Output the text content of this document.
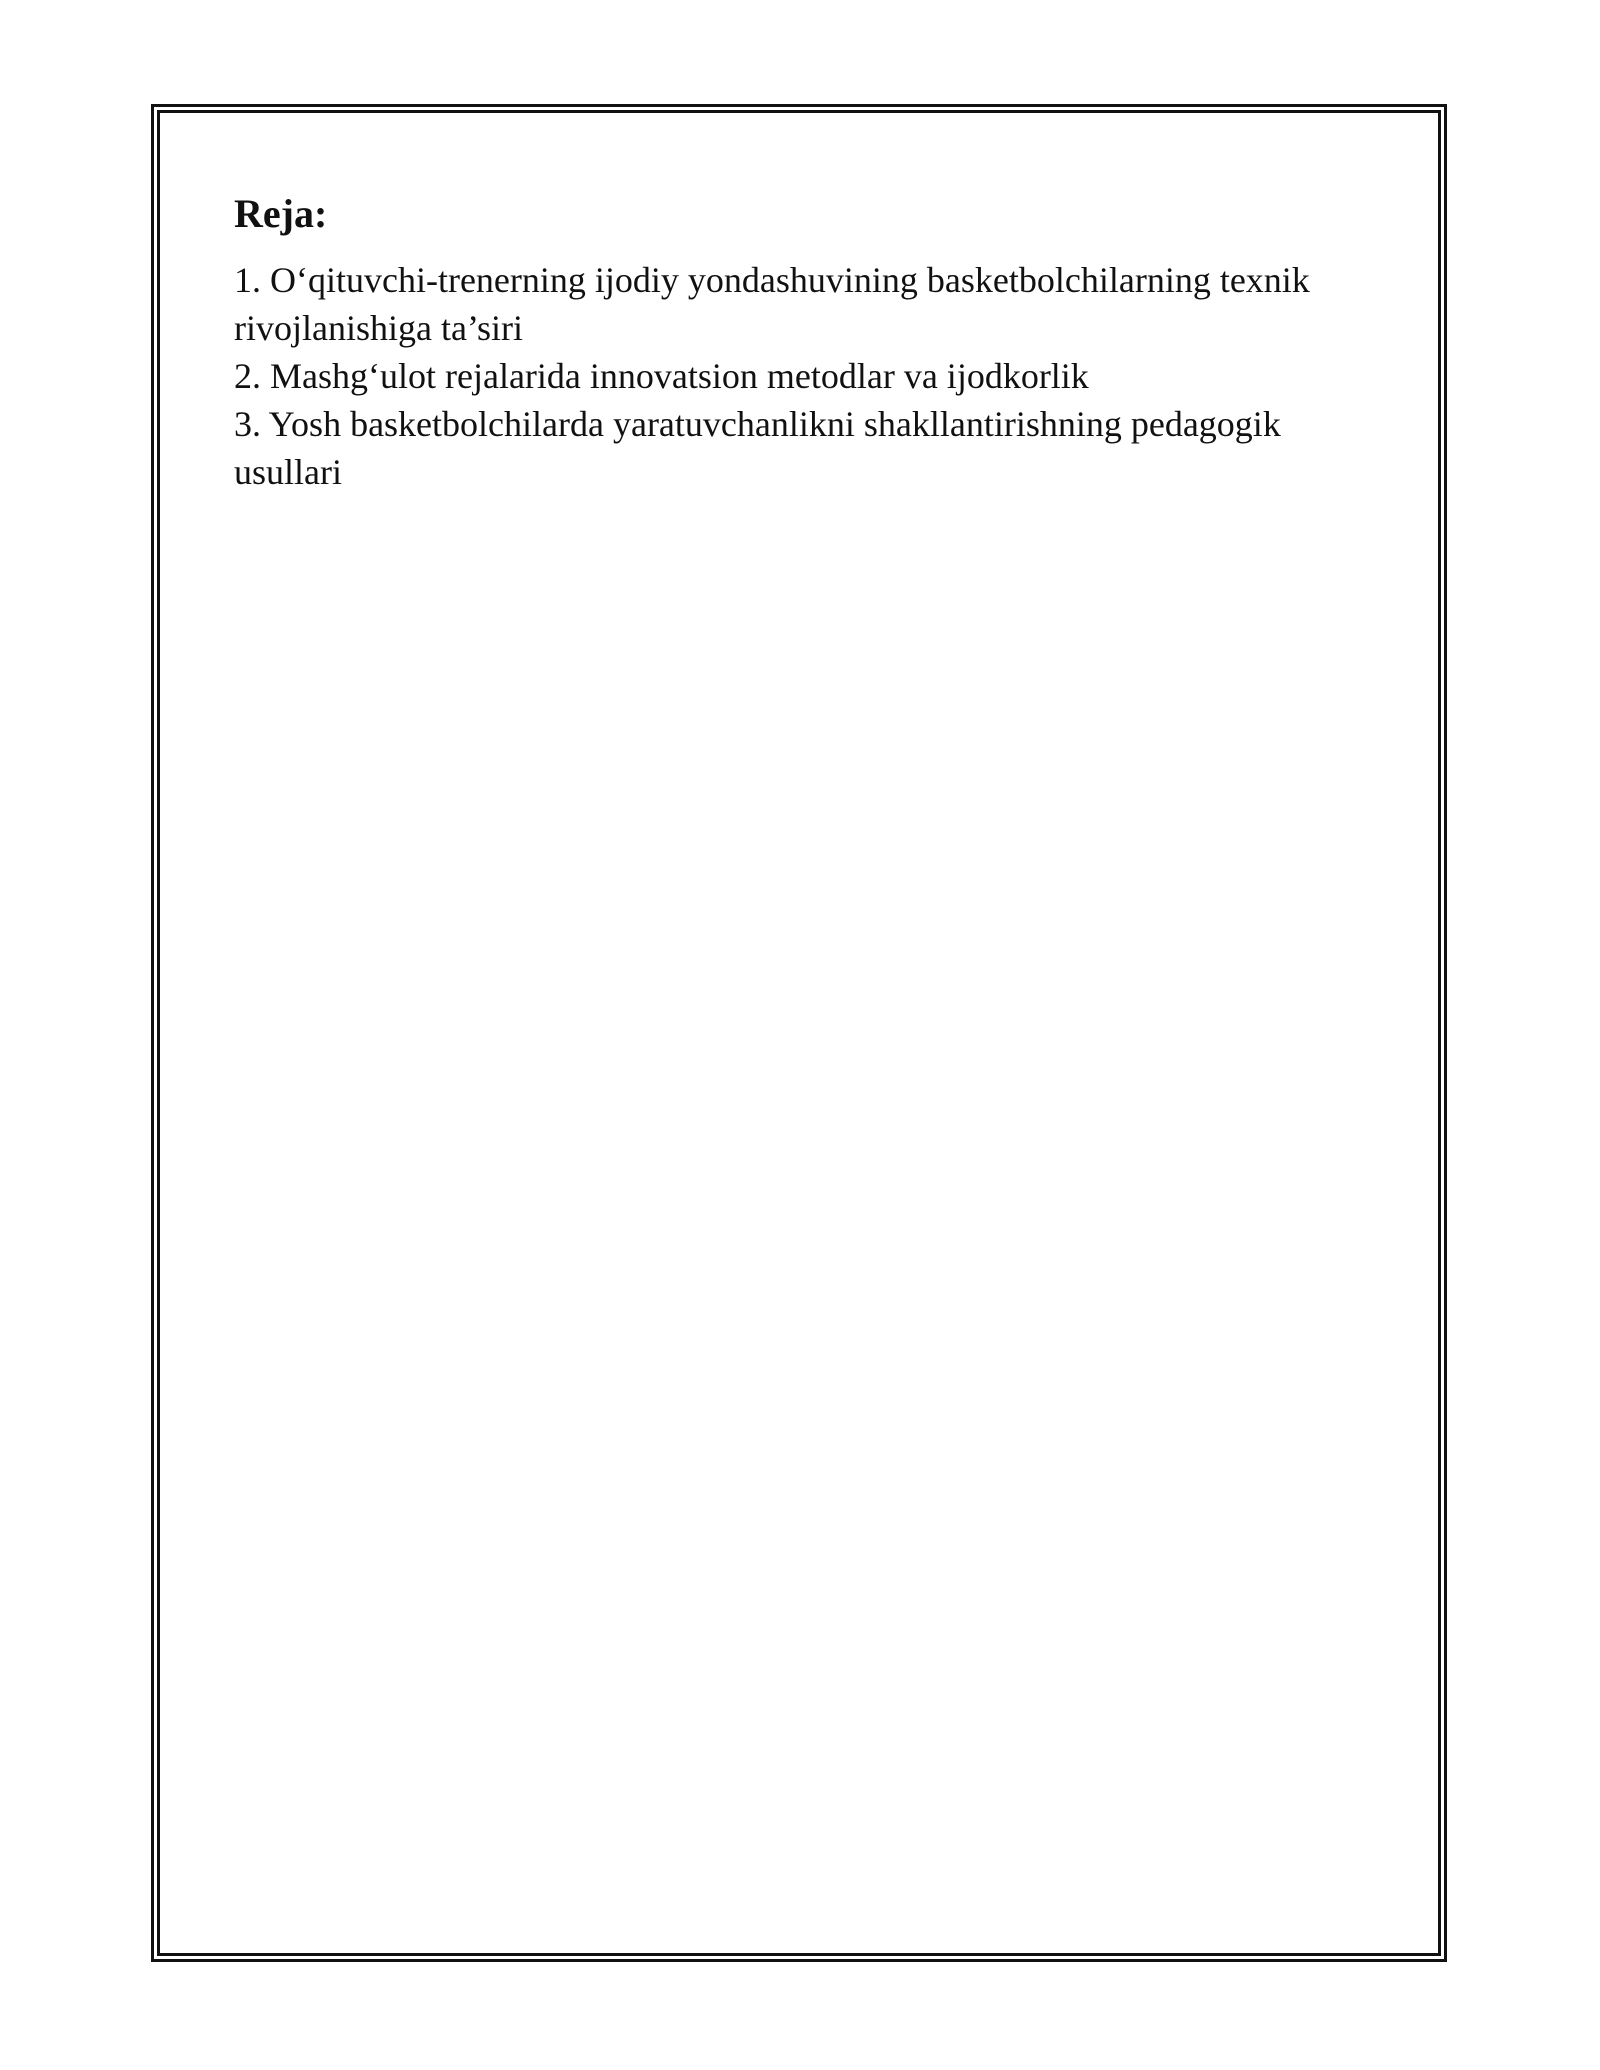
Reja:
1. O‘qituvchi-trenerning ijodiy yondashuvining basketbolchilarning texnik rivojlanishiga ta’siri
2. Mashg‘ulot rejalarida innovatsion metodlar va ijodkorlik
3. Yosh basketbolchilarda yaratuvchanlikni shakllantirishning pedagogik usullari
